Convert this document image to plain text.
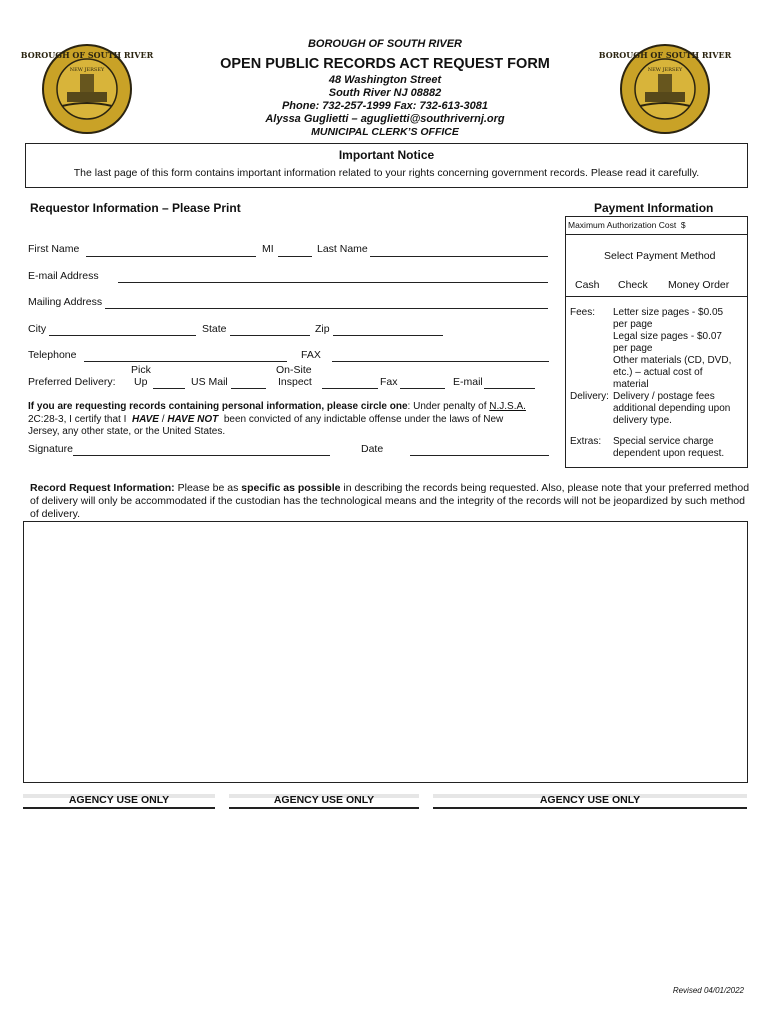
BOROUGH OF SOUTH RIVER
NEW JERSEY
BOROUGH OF SOUTH RIVER
NEW JERSEY
BOROUGH OF SOUTH RIVER
OPEN PUBLIC RECORDS ACT REQUEST FORM
48 Washington Street
South River NJ 08882
Phone: 732-257-1999 Fax: 732-613-3081
Alyssa Guglietti – aguglietti@southrivernj.org
MUNICIPAL CLERK’S OFFICE
Important Notice
The last page of this form contains important information related to your rights concerning government records. Please read it carefully.
Requestor Information – Please Print
First Name	MI	Last Name
E-mail Address
Mailing Address
City	State	Zip
Telephone	FAX
Preferred Delivery:
Pick
Up	US Mail
On-Site
Inspect	Fax	E-mail
If you are requesting records containing personal information, please circle one: Under penalty of N.J.S.A.
2C:28-3, I certify that I HAVE / HAVE NOT been convicted of any indictable offense under the laws of New
Jersey, any other state, or the United States.
Signature	Date
Payment Information
Maximum Authorization Cost $
Select Payment Method
Cash Check Money Order
Fees: Letter size pages - $0.05
per page
Legal size pages - $0.07
per page
Other materials (CD, DVD,
etc.) – actual cost of
material
Delivery: Delivery / postage fees
additional depending upon
delivery type.
Extras: Special service charge
dependent upon request.
Record Request Information: Please be as specific as possible in describing the records being requested. Also, please note that your preferred method of delivery will only be accommodated if the custodian has the technological means and the integrity of the records will not be jeopardized by such method of delivery.
AGENCY USE ONLY	AGENCY USE ONLY	AGENCY USE ONLY
Revised 04/01/2022
